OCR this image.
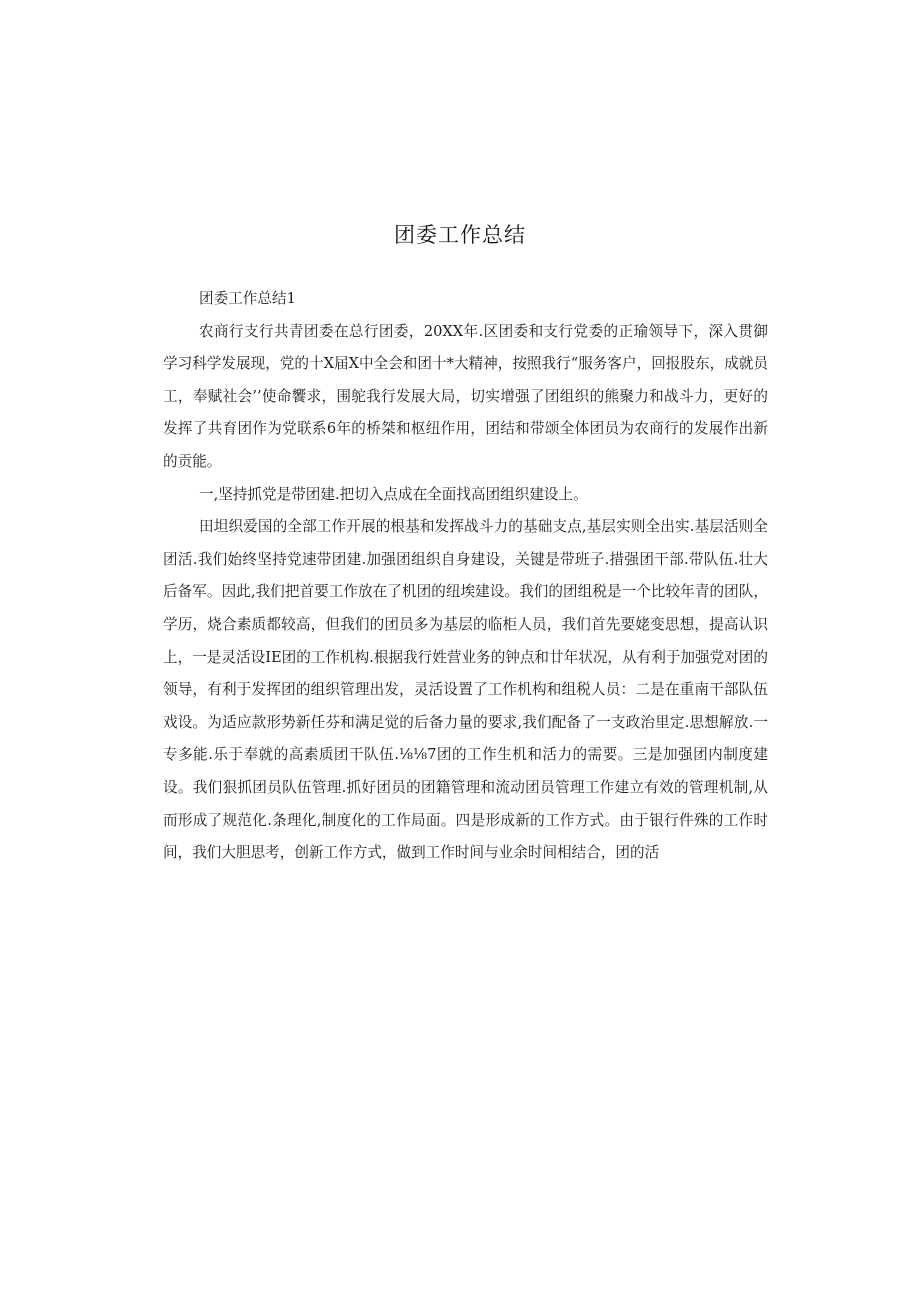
团委工作总结

团委工作总结1

农商行支行共青团委在总行团委，20XX年.区团委和支行党委的正瑜领导下，深入贯御学习科学发展现，党的十X届X中全会和团十*大精神，按照我行“服务客户，回报股东，成就员工，奉赋社会’’使命饗求，围鸵我行发展大局，切实增强了团组织的熊聚力和战斗力，更好的发挥了共育团作为党联系6年的桥桀和枢纽作用，团结和带颂全体团员为农商行的发展作出新的贡能。

一,坚持抓党是带团建.把切入点成在全面找高团组织建设上。

田坦织爱国的全部工作开展的根基和发挥战斗力的基础支点,基层实则全出实.基层活则全团活.我们始终坚持党速带团建.加强团组织自身建设，关键是带班子.措强团干部.带队伍.壮大后备军。因此,我们把首要工作放在了机团的纽埃建设。我们的团组税是一个比较年青的团队，学历，烧合素质都较高，但我们的团员多为基层的临柜人员，我们首先要姥变思想，提高认识上，一是灵活设IE团的工作机构.根据我行姓营业务的钟点和廿年状况，从有利于加强党对团的领导，有利于发挥团的组织管理出发，灵活设置了工作机构和组税人员：二是在重南干部队伍戏设。为适应款形势新任芬和满足觉的后备力量的要求,我们配备了一支政治里定.思想解放.一专多能.乐于奉就的高素质团干队伍.⅛⅛7团的工作生机和活力的需要。三是加强团内制度建设。我们狠抓团员队伍管理.抓好团员的团籍管理和流动团员管理工作建立有效的管理机制,从而形成了规范化.条理化,制度化的工作局面。四是形成新的工作方式。由于银行件殊的工作时间，我们大胆思考，创新工作方式，做到工作时间与业余时间相结合，团的活
